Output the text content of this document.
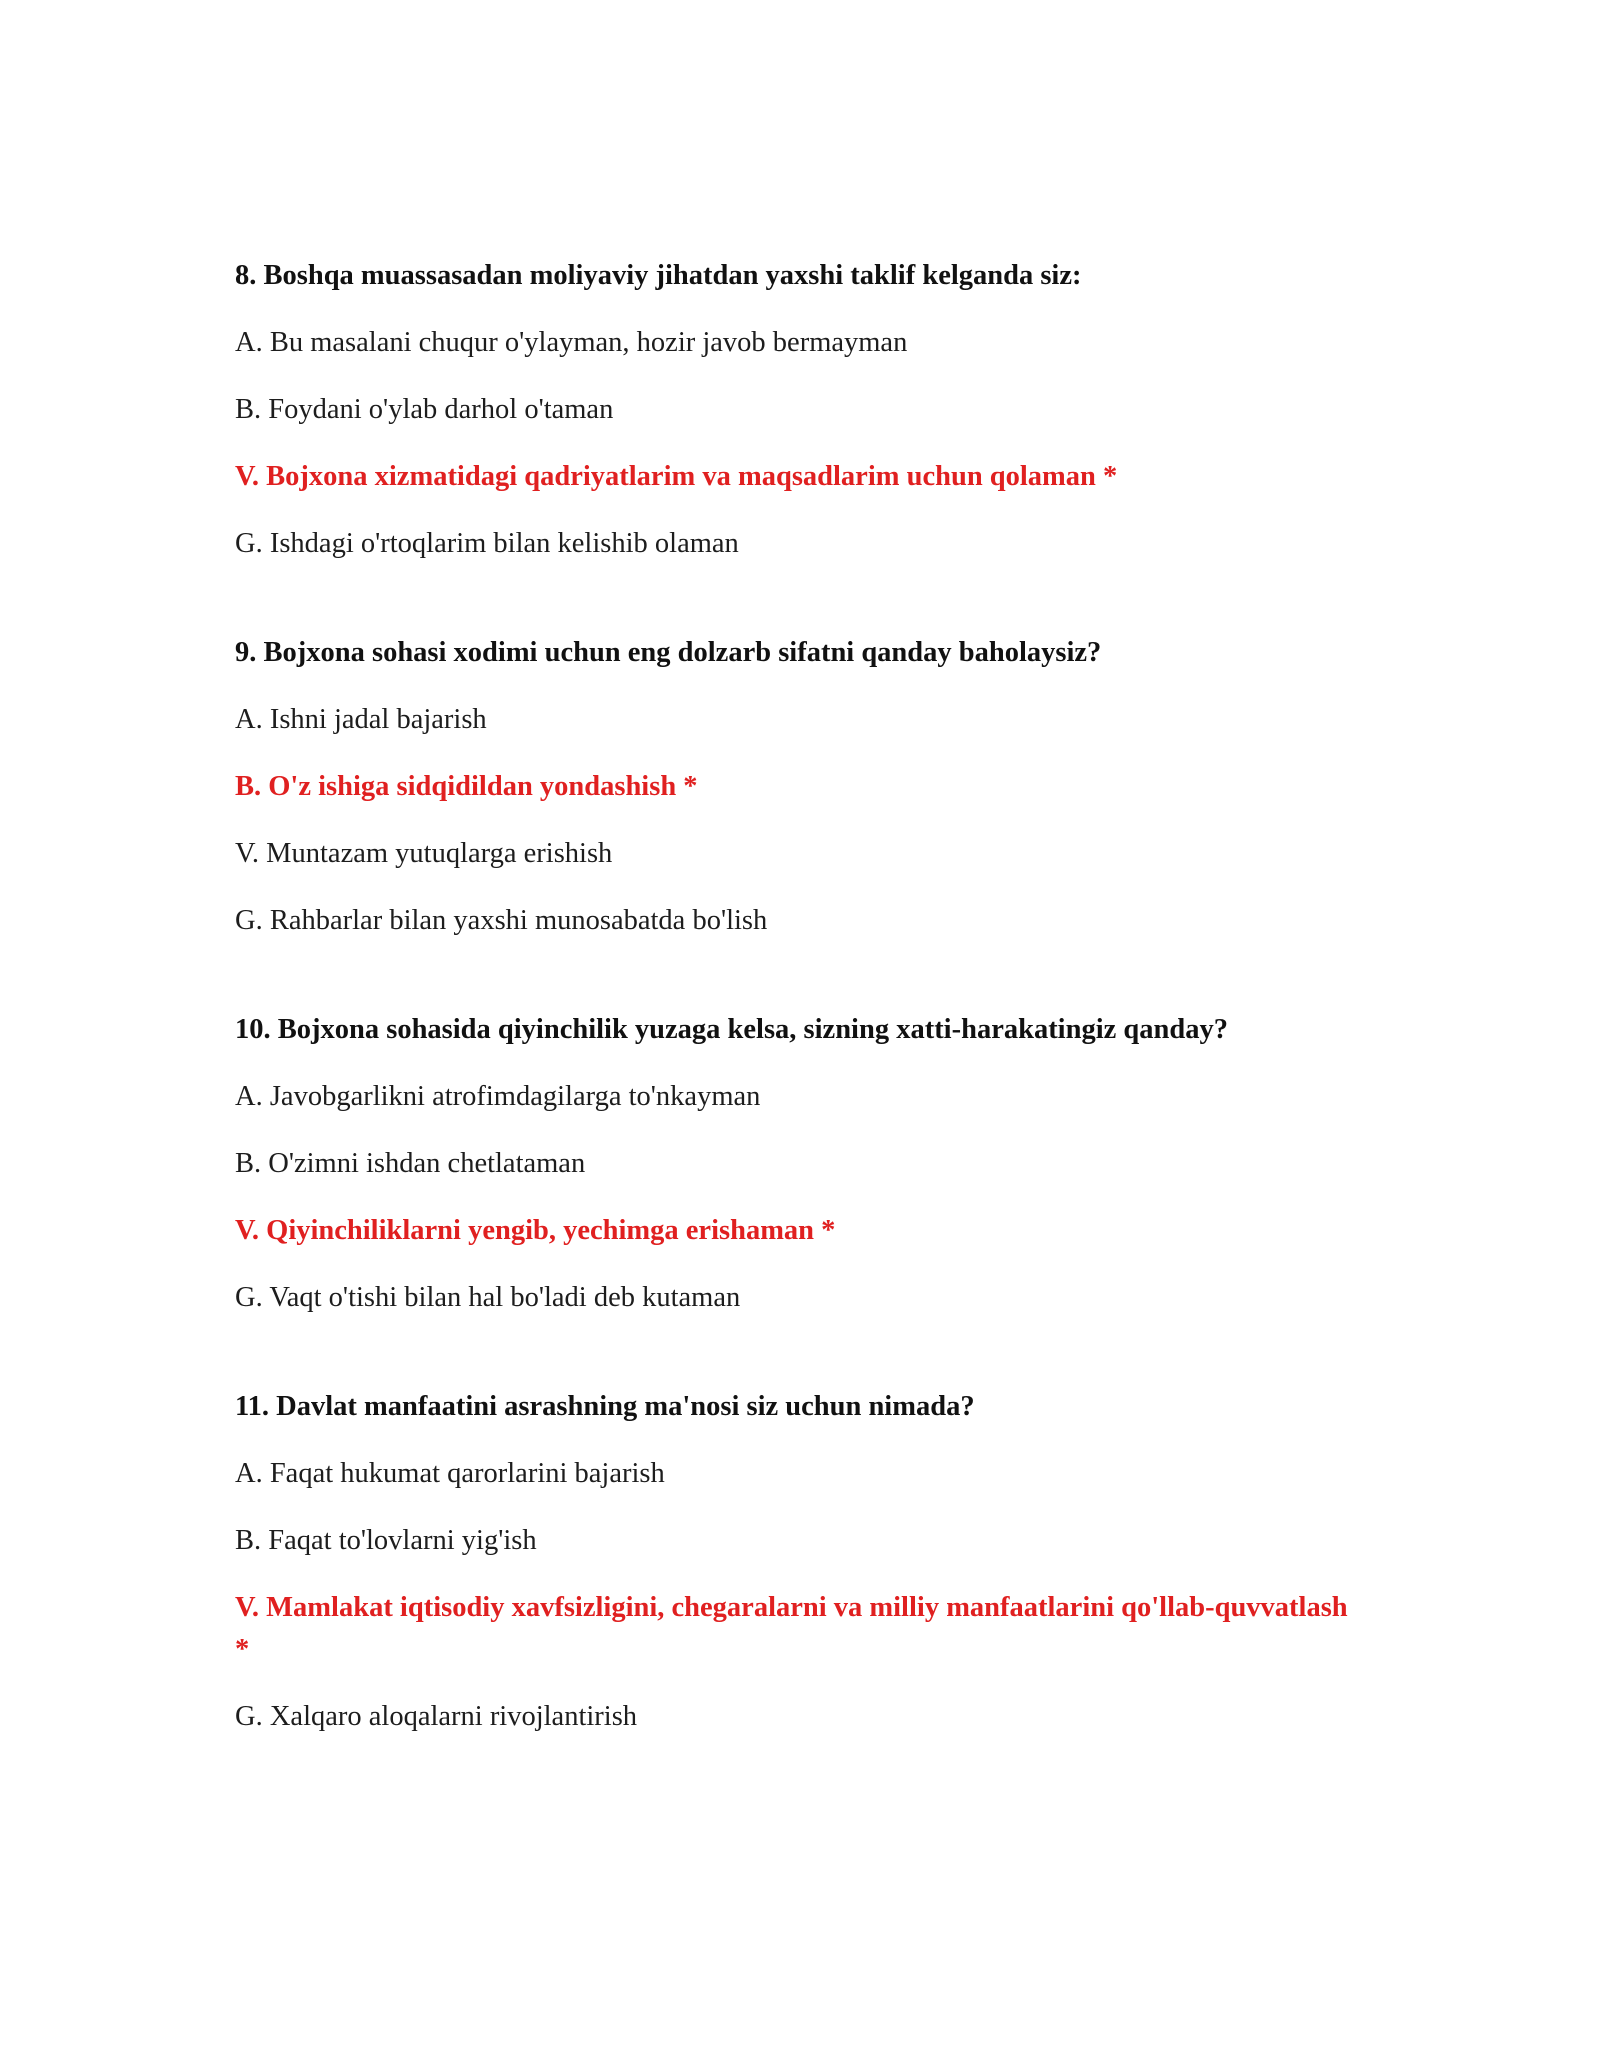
8. Boshqa muassasadan moliyaviy jihatdan yaxshi taklif kelganda siz:
A. Bu masalani chuqur o'ylayman, hozir javob bermayman
B. Foydani o'ylab darhol o'taman
V. Bojxona xizmatidagi qadriyatlarim va maqsadlarim uchun qolaman *
G. Ishdagi o'rtoqlarim bilan kelishib olaman
9. Bojxona sohasi xodimi uchun eng dolzarb sifatni qanday baholaysiz?
A. Ishni jadal bajarish
B. O'z ishiga sidqidildan yondashish *
V. Muntazam yutuqlarga erishish
G. Rahbarlar bilan yaxshi munosabatda bo'lish
10. Bojxona sohasida qiyinchilik yuzaga kelsa, sizning xatti-harakatingiz qanday?
A. Javobgarlikni atrofimdagilarga to'nkayman
B. O'zimni ishdan chetlataman
V. Qiyinchiliklarni yengib, yechimga erishaman *
G. Vaqt o'tishi bilan hal bo'ladi deb kutaman
11. Davlat manfaatini asrashning ma'nosi siz uchun nimada?
A. Faqat hukumat qarorlarini bajarish
B. Faqat to'lovlarni yig'ish
V. Mamlakat iqtisodiy xavfsizligini, chegaralarni va milliy manfaatlarini qo'llab-quvvatlash *
G. Xalqaro aloqalarni rivojlantirish
